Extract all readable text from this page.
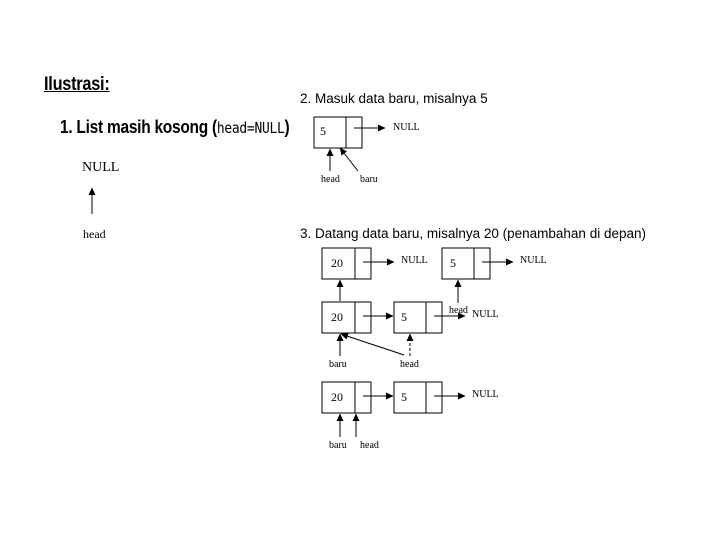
Ilustrasi:
1. List masih kosong (head=NULL)
2. Masuk data baru, misalnya 5
3. Datang data baru, misalnya 20 (penambahan di depan)
NULL
head
5	NULL
head baru
20	NULL 5	NULL
head
20	5	NULL
baru	head
20	5	NULL
baru head
